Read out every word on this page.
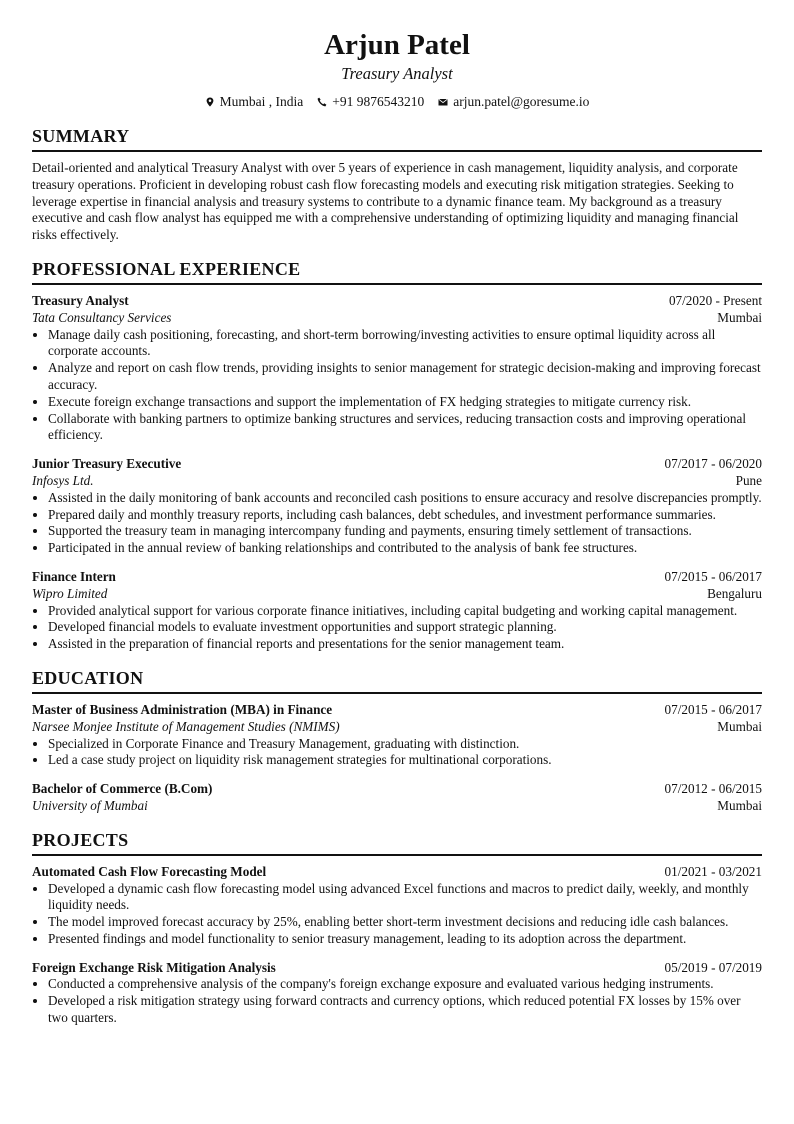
Arjun Patel
Treasury Analyst
Mumbai , India +91 9876543210 arjun.patel@goresume.io
SUMMARY
Detail-oriented and analytical Treasury Analyst with over 5 years of experience in cash management, liquidity analysis, and corporate treasury operations. Proficient in developing robust cash flow forecasting models and executing risk mitigation strategies. Seeking to leverage expertise in financial analysis and treasury systems to contribute to a dynamic finance team. My background as a treasury executive and cash flow analyst has equipped me with a comprehensive understanding of optimizing liquidity and managing financial risks effectively.
PROFESSIONAL EXPERIENCE
Treasury Analyst	07/2020 - Present
Tata Consultancy Services	Mumbai
• Manage daily cash positioning, forecasting, and short-term borrowing/investing activities to ensure optimal liquidity across all corporate accounts.
• Analyze and report on cash flow trends, providing insights to senior management for strategic decision-making and improving forecast accuracy.
• Execute foreign exchange transactions and support the implementation of FX hedging strategies to mitigate currency risk.
• Collaborate with banking partners to optimize banking structures and services, reducing transaction costs and improving operational efficiency.
Junior Treasury Executive	07/2017 - 06/2020
Infosys Ltd.	Pune
• Assisted in the daily monitoring of bank accounts and reconciled cash positions to ensure accuracy and resolve discrepancies promptly.
• Prepared daily and monthly treasury reports, including cash balances, debt schedules, and investment performance summaries.
• Supported the treasury team in managing intercompany funding and payments, ensuring timely settlement of transactions.
• Participated in the annual review of banking relationships and contributed to the analysis of bank fee structures.
Finance Intern	07/2015 - 06/2017
Wipro Limited	Bengaluru
• Provided analytical support for various corporate finance initiatives, including capital budgeting and working capital management.
• Developed financial models to evaluate investment opportunities and support strategic planning.
• Assisted in the preparation of financial reports and presentations for the senior management team.
EDUCATION
Master of Business Administration (MBA) in Finance	07/2015 - 06/2017
Narsee Monjee Institute of Management Studies (NMIMS)	Mumbai
• Specialized in Corporate Finance and Treasury Management, graduating with distinction.
• Led a case study project on liquidity risk management strategies for multinational corporations.
Bachelor of Commerce (B.Com)	07/2012 - 06/2015
University of Mumbai	Mumbai
PROJECTS
Automated Cash Flow Forecasting Model	01/2021 - 03/2021
• Developed a dynamic cash flow forecasting model using advanced Excel functions and macros to predict daily, weekly, and monthly liquidity needs.
• The model improved forecast accuracy by 25%, enabling better short-term investment decisions and reducing idle cash balances.
• Presented findings and model functionality to senior treasury management, leading to its adoption across the department.
Foreign Exchange Risk Mitigation Analysis	05/2019 - 07/2019
• Conducted a comprehensive analysis of the company's foreign exchange exposure and evaluated various hedging instruments.
• Developed a risk mitigation strategy using forward contracts and currency options, which reduced potential FX losses by 15% over two quarters.
